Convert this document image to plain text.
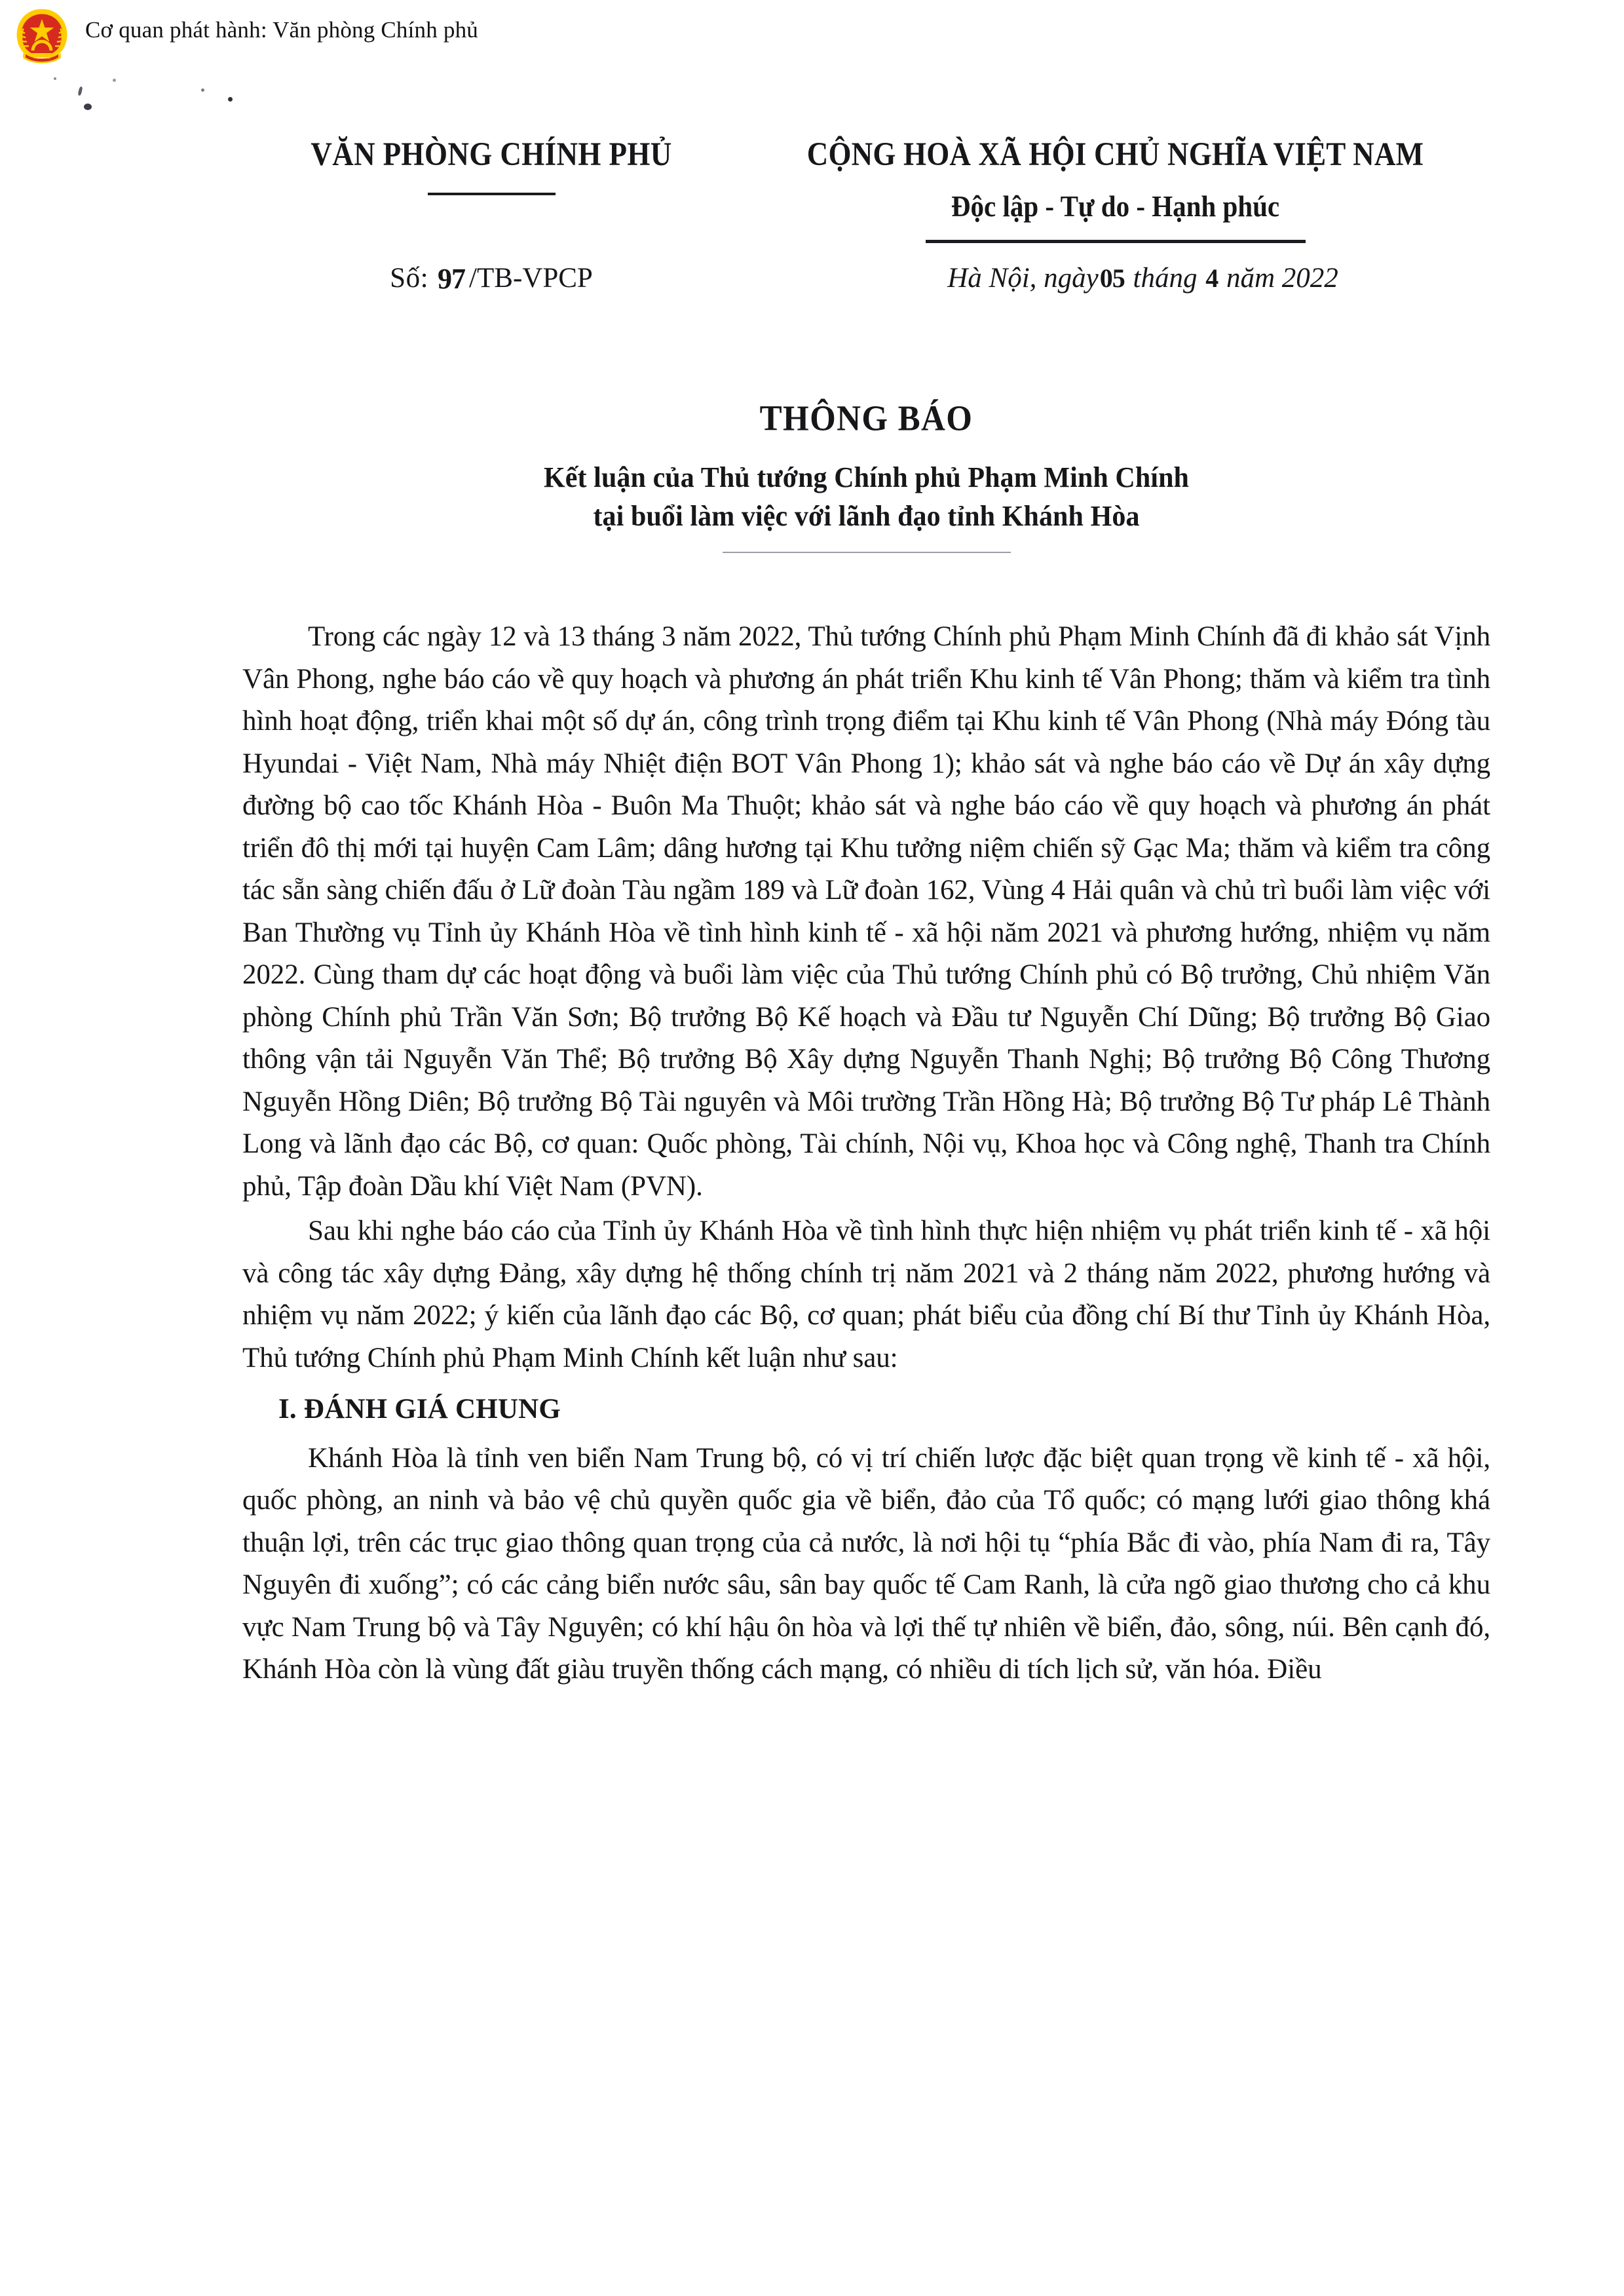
VIỆT NAM
Cơ quan phát hành: Văn phòng Chính phủ
VĂN PHÒNG CHÍNH PHỦ	CỘNG HOÀ XÃ HỘI CHỦ NGHĨA VIỆT NAM
Độc lập - Tự do - Hạnh phúc
Số: 97 /TB-VPCP	Hà Nội, ngày05 tháng 4 năm 2022
THÔNG BÁO
Kết luận của Thủ tướng Chính phủ Phạm Minh Chính
tại buổi làm việc với lãnh đạo tỉnh Khánh Hòa

Trong các ngày 12 và 13 tháng 3 năm 2022, Thủ tướng Chính phủ Phạm Minh Chính đã đi khảo sát Vịnh Vân Phong, nghe báo cáo về quy hoạch và phương án phát triển Khu kinh tế Vân Phong; thăm và kiểm tra tình hình hoạt động, triển khai một số dự án, công trình trọng điểm tại Khu kinh tế Vân Phong (Nhà máy Đóng tàu Hyundai - Việt Nam, Nhà máy Nhiệt điện BOT Vân Phong 1); khảo sát và nghe báo cáo về Dự án xây dựng đường bộ cao tốc Khánh Hòa - Buôn Ma Thuột; khảo sát và nghe báo cáo về quy hoạch và phương án phát triển đô thị mới tại huyện Cam Lâm; dâng hương tại Khu tưởng niệm chiến sỹ Gạc Ma; thăm và kiểm tra công tác sẵn sàng chiến đấu ở Lữ đoàn Tàu ngầm 189 và Lữ đoàn 162, Vùng 4 Hải quân và chủ trì buổi làm việc với Ban Thường vụ Tỉnh ủy Khánh Hòa về tình hình kinh tế - xã hội năm 2021 và phương hướng, nhiệm vụ năm 2022. Cùng tham dự các hoạt động và buổi làm việc của Thủ tướng Chính phủ có Bộ trưởng, Chủ nhiệm Văn phòng Chính phủ Trần Văn Sơn; Bộ trưởng Bộ Kế hoạch và Đầu tư Nguyễn Chí Dũng; Bộ trưởng Bộ Giao thông vận tải Nguyễn Văn Thể; Bộ trưởng Bộ Xây dựng Nguyễn Thanh Nghị; Bộ trưởng Bộ Công Thương Nguyễn Hồng Diên; Bộ trưởng Bộ Tài nguyên và Môi trường Trần Hồng Hà; Bộ trưởng Bộ Tư pháp Lê Thành Long và lãnh đạo các Bộ, cơ quan: Quốc phòng, Tài chính, Nội vụ, Khoa học và Công nghệ, Thanh tra Chính phủ, Tập đoàn Dầu khí Việt Nam (PVN).

Sau khi nghe báo cáo của Tỉnh ủy Khánh Hòa về tình hình thực hiện nhiệm vụ phát triển kinh tế - xã hội và công tác xây dựng Đảng, xây dựng hệ thống chính trị năm 2021 và 2 tháng năm 2022, phương hướng và nhiệm vụ năm 2022; ý kiến của lãnh đạo các Bộ, cơ quan; phát biểu của đồng chí Bí thư Tỉnh ủy Khánh Hòa, Thủ tướng Chính phủ Phạm Minh Chính kết luận như sau:

I. ĐÁNH GIÁ CHUNG

Khánh Hòa là tỉnh ven biển Nam Trung bộ, có vị trí chiến lược đặc biệt quan trọng về kinh tế - xã hội, quốc phòng, an ninh và bảo vệ chủ quyền quốc gia về biển, đảo của Tổ quốc; có mạng lưới giao thông khá thuận lợi, trên các trục giao thông quan trọng của cả nước, là nơi hội tụ “phía Bắc đi vào, phía Nam đi ra, Tây Nguyên đi xuống”; có các cảng biển nước sâu, sân bay quốc tế Cam Ranh, là cửa ngõ giao thương cho cả khu vực Nam Trung bộ và Tây Nguyên; có khí hậu ôn hòa và lợi thế tự nhiên về biển, đảo, sông, núi. Bên cạnh đó, Khánh Hòa còn là vùng đất giàu truyền thống cách mạng, có nhiều di tích lịch sử, văn hóa. Điều
